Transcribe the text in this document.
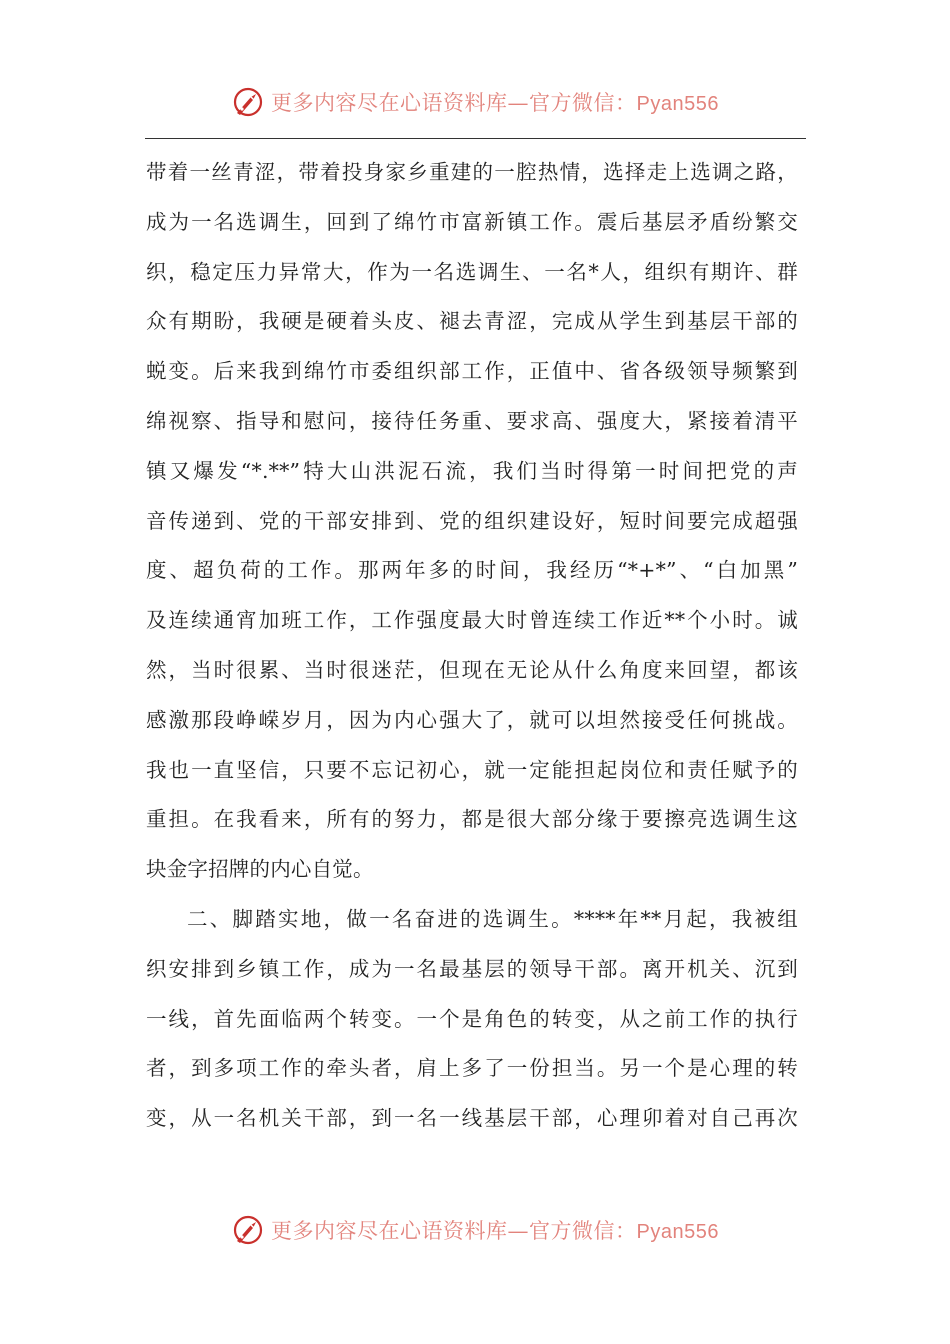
更多内容尽在心语资料库—官方微信：Pyan556
带着一丝青涩，带着投身家乡重建的一腔热情，选择走上选调之路，
成为一名选调生，回到了绵竹市富新镇工作。震后基层矛盾纷繁交
织，稳定压力异常大，作为一名选调生、一名*人，组织有期许、群
众有期盼，我硬是硬着头皮、褪去青涩，完成从学生到基层干部的
蜕变。后来我到绵竹市委组织部工作，正值中、省各级领导频繁到
绵视察、指导和慰问，接待任务重、要求高、强度大，紧接着清平
镇又爆发“*.**”特大山洪泥石流，我们当时得第一时间把党的声
音传递到、党的干部安排到、党的组织建设好，短时间要完成超强
度、超负荷的工作。那两年多的时间，我经历“*+*”、“白加黑”
及连续通宵加班工作，工作强度最大时曾连续工作近**个小时。诚
然，当时很累、当时很迷茫，但现在无论从什么角度来回望，都该
感激那段峥嵘岁月，因为内心强大了，就可以坦然接受任何挑战。
我也一直坚信，只要不忘记初心，就一定能担起岗位和责任赋予的
重担。在我看来，所有的努力，都是很大部分缘于要擦亮选调生这
块金字招牌的内心自觉。
二、脚踏实地，做一名奋进的选调生。****年**月起，我被组
织安排到乡镇工作，成为一名最基层的领导干部。离开机关、沉到
一线，首先面临两个转变。一个是角色的转变，从之前工作的执行
者，到多项工作的牵头者，肩上多了一份担当。另一个是心理的转
变，从一名机关干部，到一名一线基层干部，心理卯着对自己再次
更多内容尽在心语资料库—官方微信：Pyan556
